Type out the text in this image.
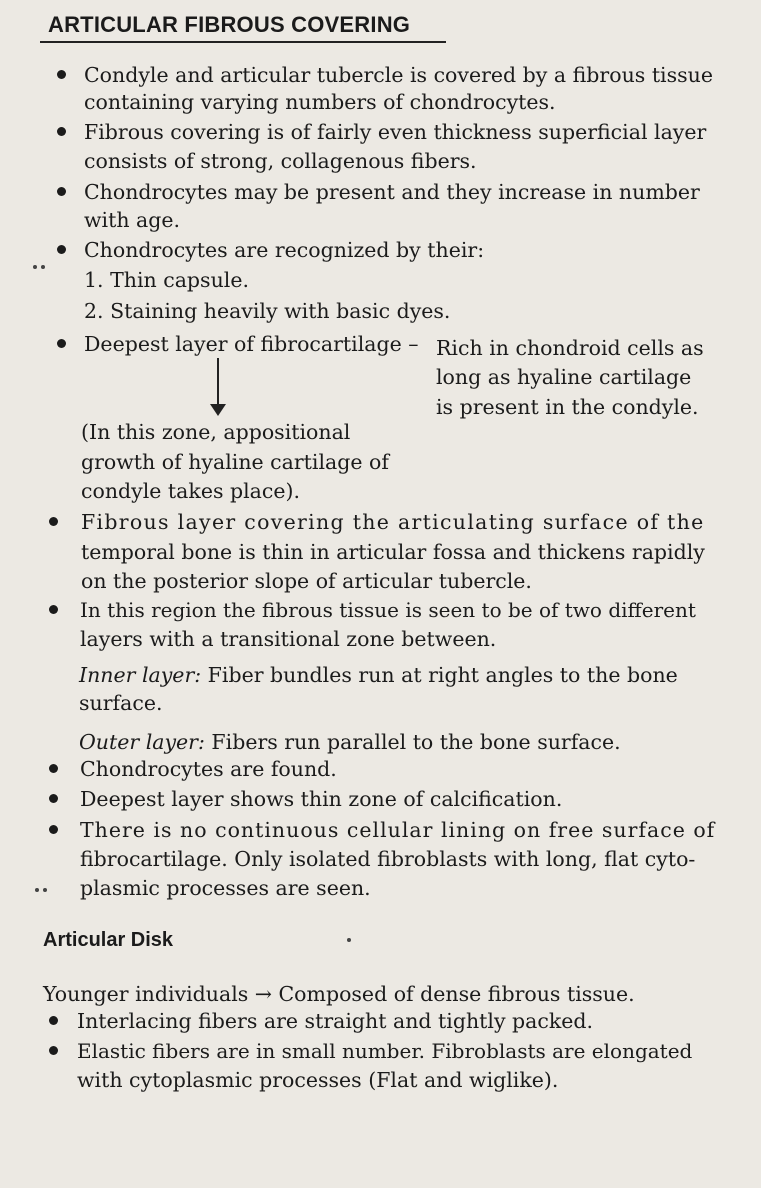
ARTICULAR FIBROUS COVERING
Condyle and articular tubercle is covered by a fibrous tissue
containing varying numbers of chondrocytes.
Fibrous covering is of fairly even thickness superficial layer
consists of strong, collagenous fibers.
Chondrocytes may be present and they increase in number
with age.
Chondrocytes are recognized by their:
1. Thin capsule.
2. Staining heavily with basic dyes.
Deepest layer of fibrocartilage – Rich in chondroid cells as
long as hyaline cartilage
is present in the condyle.
(In this zone, appositional
growth of hyaline cartilage of
condyle takes place).
Fibrous layer covering the articulating surface of the
temporal bone is thin in articular fossa and thickens rapidly
on the posterior slope of articular tubercle.
In this region the fibrous tissue is seen to be of two different
layers with a transitional zone between.
Inner layer: Fiber bundles run at right angles to the bone
surface.
Outer layer: Fibers run parallel to the bone surface.
Chondrocytes are found.
Deepest layer shows thin zone of calcification.
There is no continuous cellular lining on free surface of
fibrocartilage. Only isolated fibroblasts with long, flat cyto-
plasmic processes are seen.
Articular Disk
Younger individuals → Composed of dense fibrous tissue.
Interlacing fibers are straight and tightly packed.
Elastic fibers are in small number. Fibroblasts are elongated
with cytoplasmic processes (Flat and wiglike).
